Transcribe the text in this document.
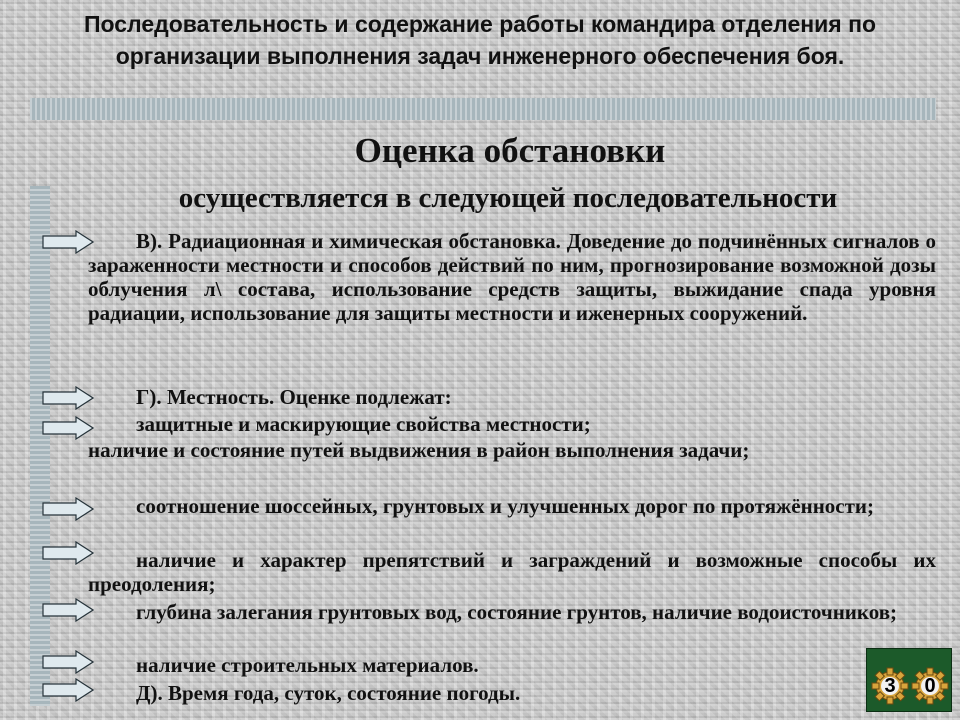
Последовательность и содержание работы командира отделения по организации выполнения задач инженерного обеспечения боя.
Оценка обстановки
осуществляется в следующей последовательности
В). Радиационная и химическая обстановка. Доведение до подчинённых сигналов о зараженности местности и способов действий по ним, прогнозирование возможной дозы облучения л\ состава, использование средств защиты, выжидание спада уровня радиации, использование для защиты местности и иженерных сооружений.
Г). Местность. Оценке подлежат:
защитные и маскирующие свойства местности;
наличие и состояние путей выдвижения в район выполнения задачи;
соотношение шоссейных, грунтовых и улучшенных дорог по протяжённости;
наличие и характер препятствий и заграждений и возможные способы их преодоления;
глубина залегания грунтовых вод, состояние грунтов, наличие водоисточников;
наличие строительных материалов.
Д). Время года, суток, состояние погоды.	3	0
